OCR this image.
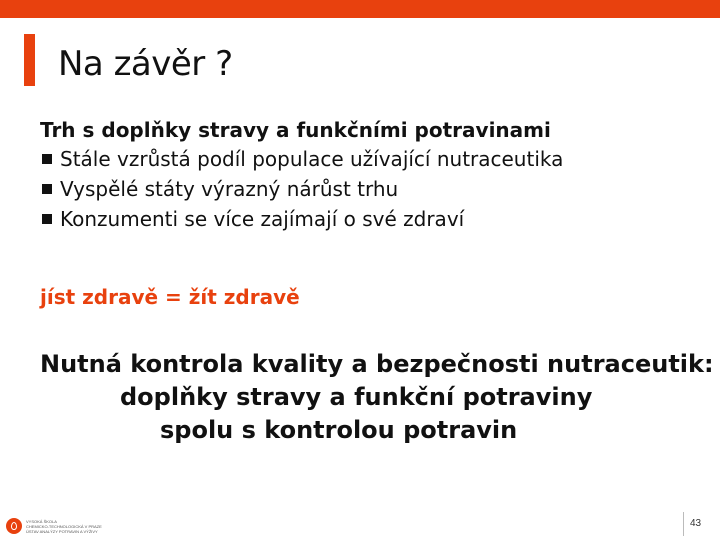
Na závěr ?

Trh s doplňky stravy a funkčními potravinami

Stále vzrůstá podíl populace užívající nutraceutika
Vyspělé státy výrazný nárůst trhu
Konzumenti se více zajímají o své zdraví
jíst zdravě = žít zdravě
Nutná kontrola kvality a bezpečnosti nutraceutik:
doplňky stravy a funkční potraviny
spolu s kontrolou potravin
VYSOKÁ ŠKOLA
CHEMICKO-TECHNOLOGICKÁ V PRAZE
ÚSTAV ANALÝZY POTRAVIN A VÝŽIVY
43
